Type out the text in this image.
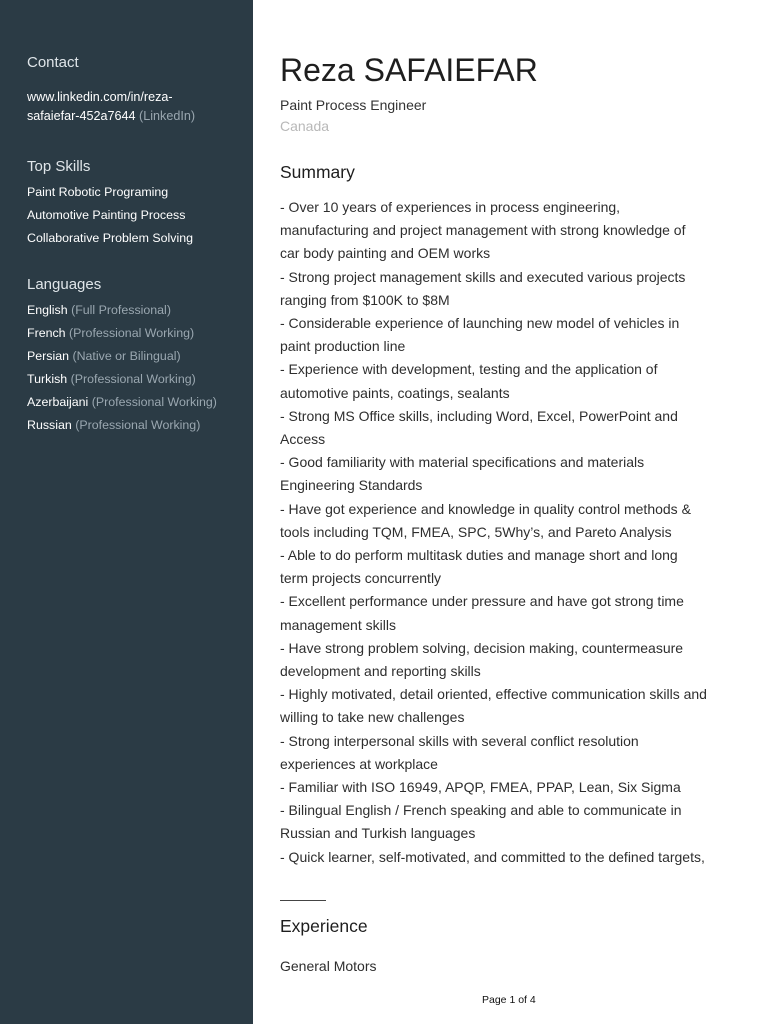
Contact
www.linkedin.com/in/reza-
safaiefar-452a7644 (LinkedIn)
Top Skills
Paint Robotic Programing
Automotive Painting Process
Collaborative Problem Solving
Languages
English (Full Professional)
French (Professional Working)
Persian (Native or Bilingual)
Turkish (Professional Working)
Azerbaijani (Professional Working)
Russian (Professional Working)
Reza SAFAIEFAR
Paint Process Engineer
Canada
Summary

- Over 10 years of experiences in process engineering,

manufacturing and project management with strong knowledge of

car body painting and OEM works

- Strong project management skills and executed various projects

ranging from $100K to $8M

- Considerable experience of launching new model of vehicles in

paint production line

- Experience with development, testing and the application of

automotive paints, coatings, sealants

- Strong MS Office skills, including Word, Excel, PowerPoint and

Access

- Good familiarity with material specifications and materials

Engineering Standards

- Have got experience and knowledge in quality control methods &

tools including TQM, FMEA, SPC, 5Why’s, and Pareto Analysis

- Able to do perform multitask duties and manage short and long

term projects concurrently

- Excellent performance under pressure and have got strong time

management skills

- Have strong problem solving, decision making, countermeasure

development and reporting skills

- Highly motivated, detail oriented, effective communication skills and

willing to take new challenges

- Strong interpersonal skills with several conflict resolution

experiences at workplace

- Familiar with ISO 16949, APQP, FMEA, PPAP, Lean, Six Sigma

- Bilingual English / French speaking and able to communicate in

Russian and Turkish languages

- Quick learner, self-motivated, and committed to the defined targets,

Experience
General Motors
Page 1 of 4
